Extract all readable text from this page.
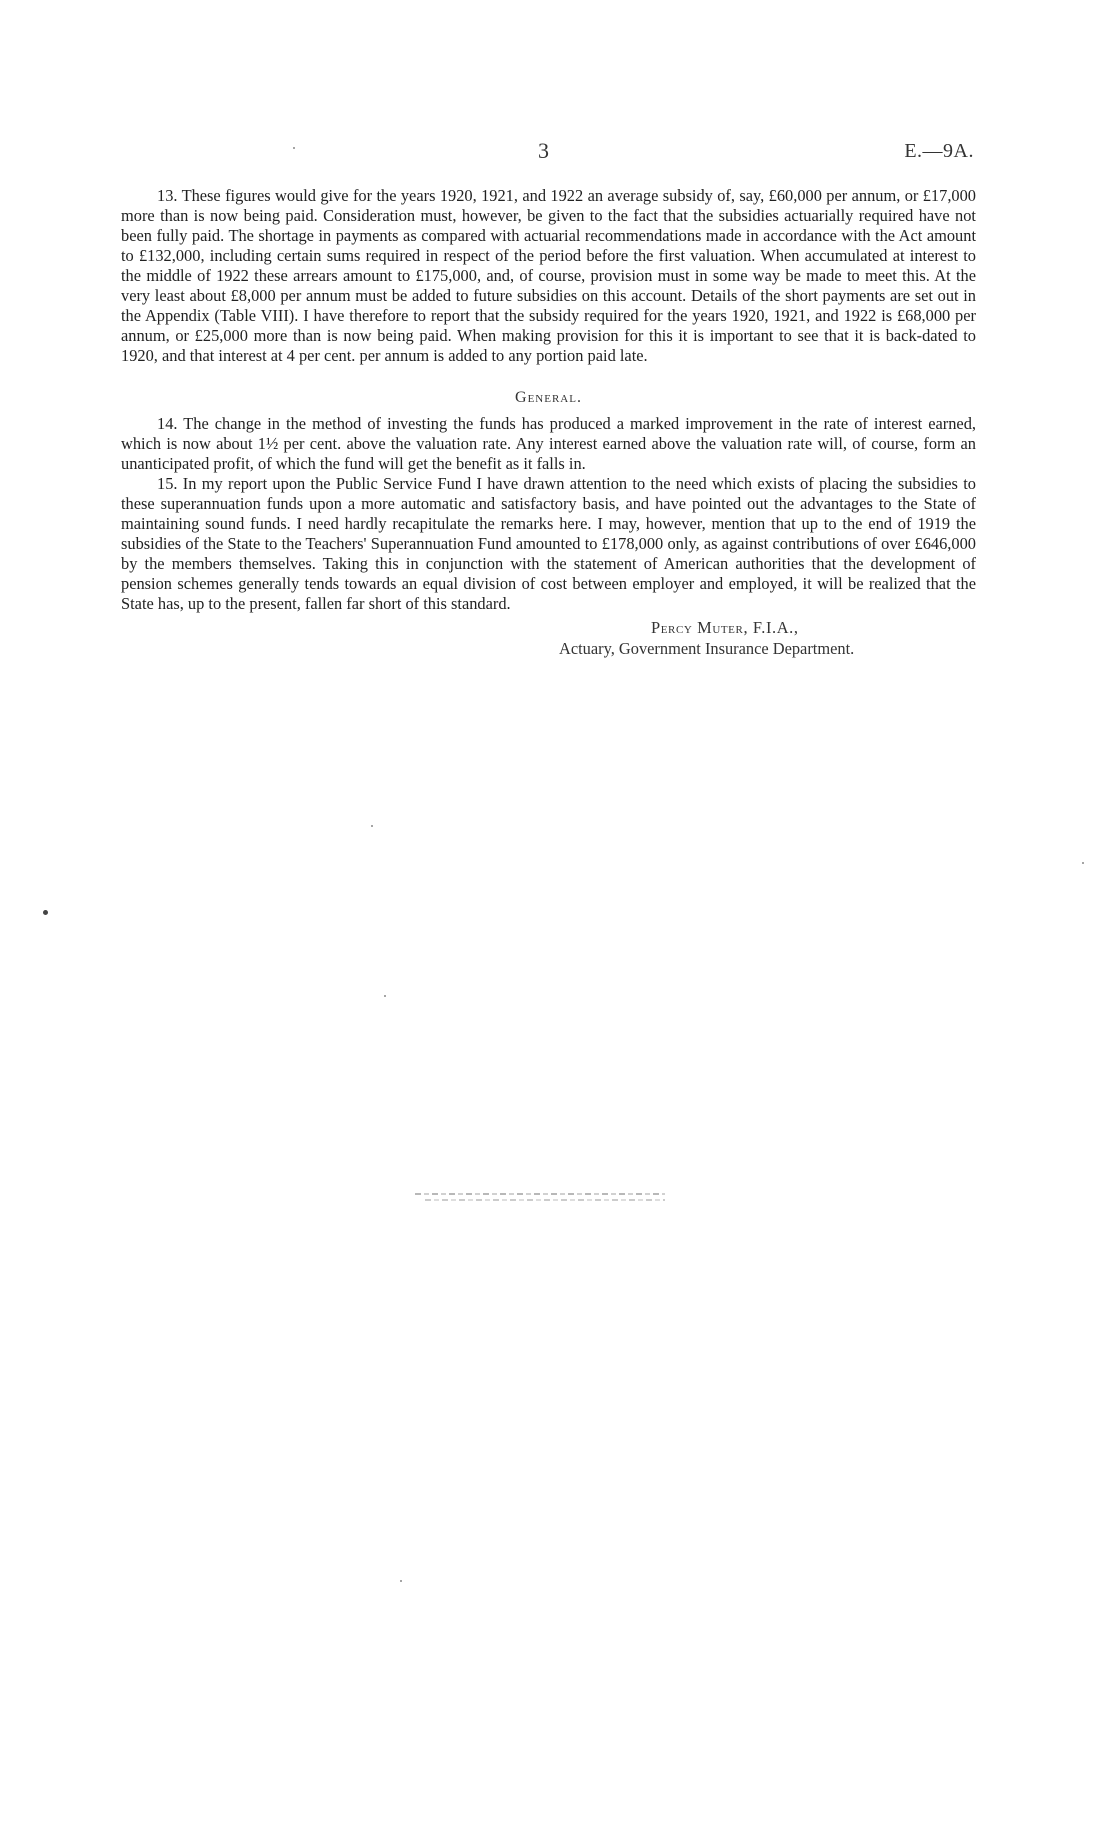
3	E.—9A.

13. These figures would give for the years 1920, 1921, and 1922 an average subsidy of, say, £60,000 per annum, or £17,000 more than is now being paid. Consideration must, however, be given to the fact that the subsidies actuarially required have not been fully paid. The shortage in payments as compared with actuarial recommendations made in accordance with the Act amount to £132,000, including certain sums required in respect of the period before the first valuation. When accumulated at interest to the middle of 1922 these arrears amount to £175,000, and, of course, provision must in some way be made to meet this. At the very least about £8,000 per annum must be added to future subsidies on this account. Details of the short payments are set out in the Appendix (Table VIII). I have therefore to report that the subsidy required for the years 1920, 1921, and 1922 is £68,000 per annum, or £25,000 more than is now being paid. When making provision for this it is important to see that it is back-dated to 1920, and that interest at 4 per cent. per annum is added to any portion paid late.

General.

14. The change in the method of investing the funds has produced a marked improvement in the rate of interest earned, which is now about 1½ per cent. above the valuation rate. Any interest earned above the valuation rate will, of course, form an unanticipated profit, of which the fund will get the benefit as it falls in.

15. In my report upon the Public Service Fund I have drawn attention to the need which exists of placing the subsidies to these superannuation funds upon a more automatic and satisfactory basis, and have pointed out the advantages to the State of maintaining sound funds. I need hardly recapitulate the remarks here. I may, however, mention that up to the end of 1919 the subsidies of the State to the Teachers' Superannuation Fund amounted to £178,000 only, as against contributions of over £646,000 by the members themselves. Taking this in conjunction with the statement of American authorities that the development of pension schemes generally tends towards an equal division of cost between employer and employed, it will be realized that the State has, up to the present, fallen far short of this standard.

Percy Muter, F.I.A.,
Actuary, Government Insurance Department.
